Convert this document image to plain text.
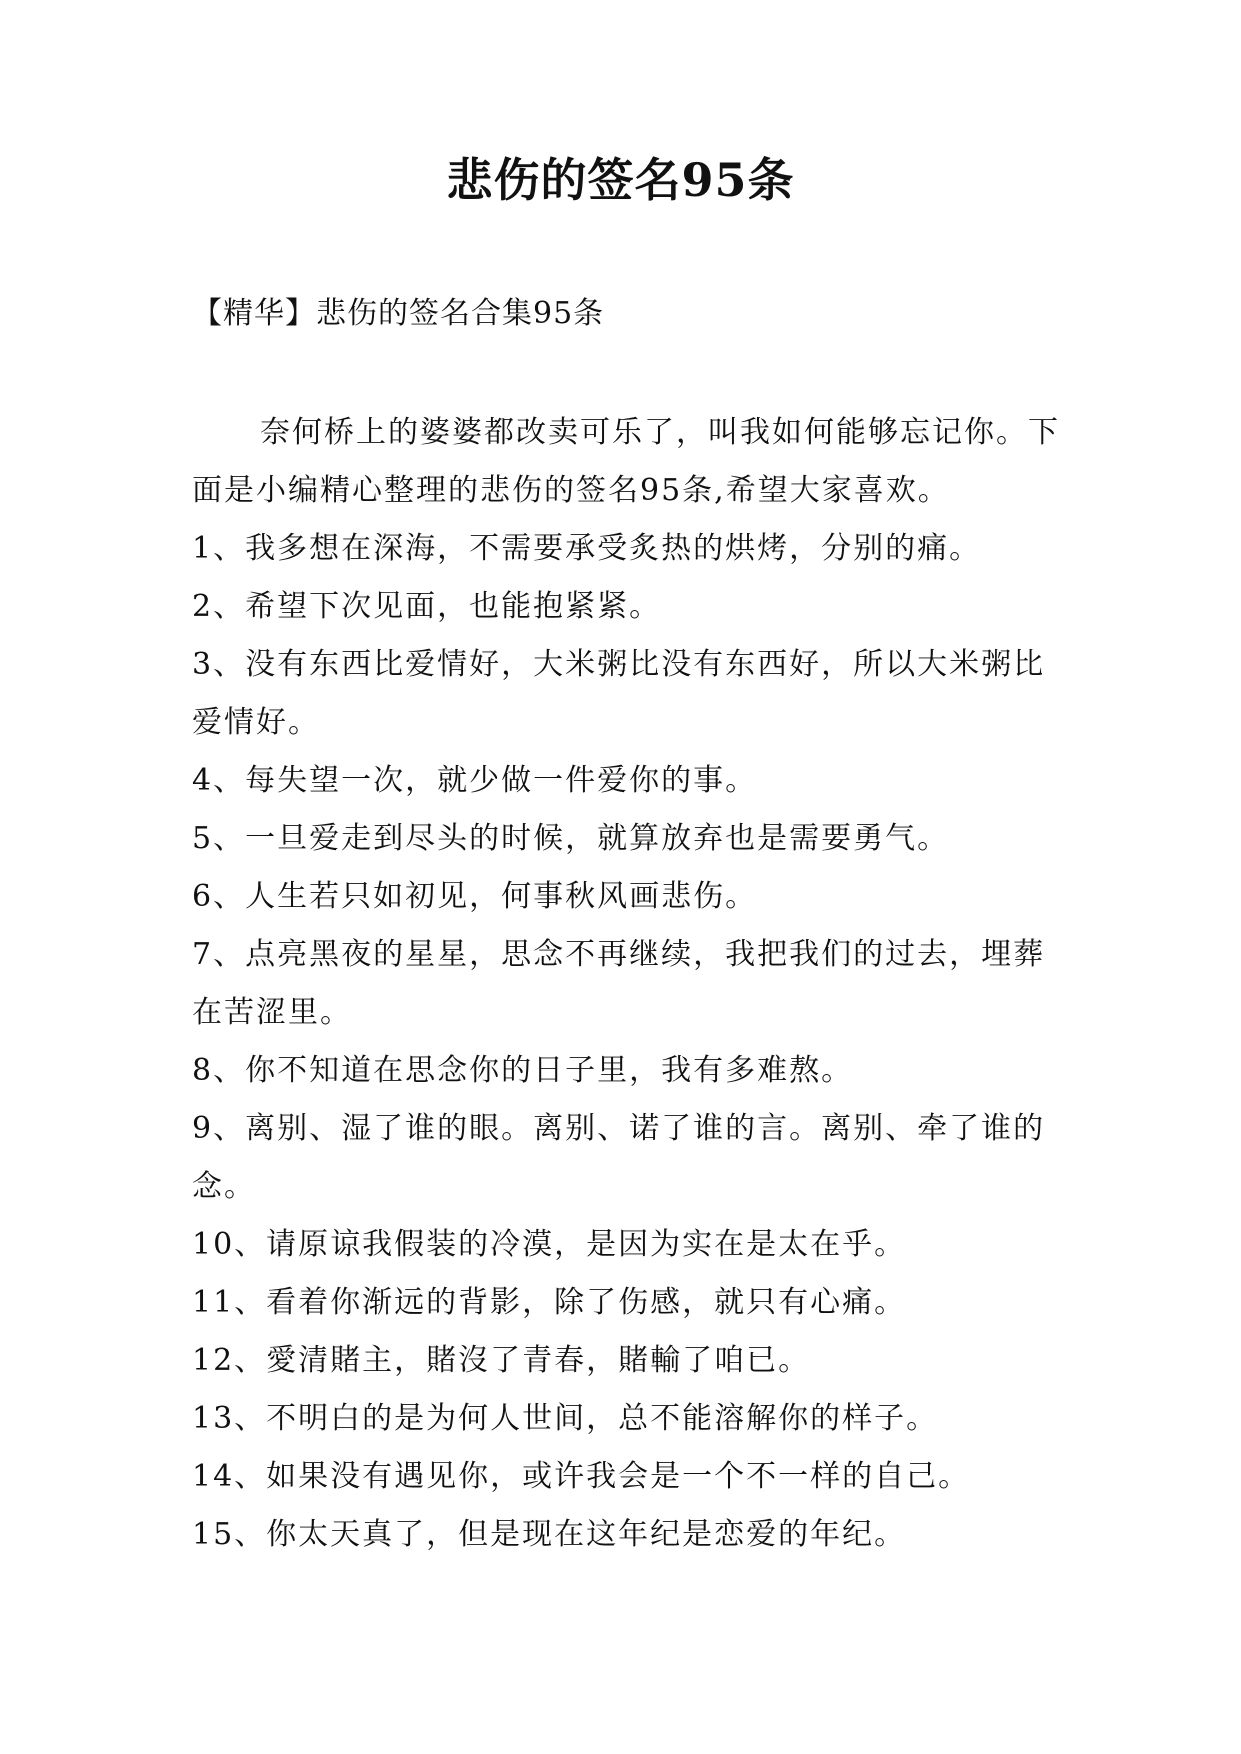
悲伤的签名95条
【精华】悲伤的签名合集95条

奈何桥上的婆婆都改卖可乐了，叫我如何能够忘记你。下面是小编精心整理的悲伤的签名95条,希望大家喜欢。

1、我多想在深海，不需要承受炙热的烘烤，分别的痛。

2、希望下次见面，也能抱紧紧。

3、没有东西比爱情好，大米粥比没有东西好，所以大米粥比爱情好。

4、每失望一次，就少做一件爱你的事。

5、一旦爱走到尽头的时候，就算放弃也是需要勇气。

6、人生若只如初见，何事秋风画悲伤。

7、点亮黑夜的星星，思念不再继续，我把我们的过去，埋葬在苦涩里。

8、你不知道在思念你的日子里，我有多难熬。

9、离别、湿了谁的眼。离别、诺了谁的言。离别、牵了谁的念。

10、请原谅我假装的冷漠，是因为实在是太在乎。

11、看着你渐远的背影，除了伤感，就只有心痛。

12、愛清賭主，賭沒了青春，賭輸了咱已。

13、不明白的是为何人世间，总不能溶解你的样子。

14、如果没有遇见你，或许我会是一个不一样的自己。

15、你太天真了，但是现在这年纪是恋爱的年纪。
